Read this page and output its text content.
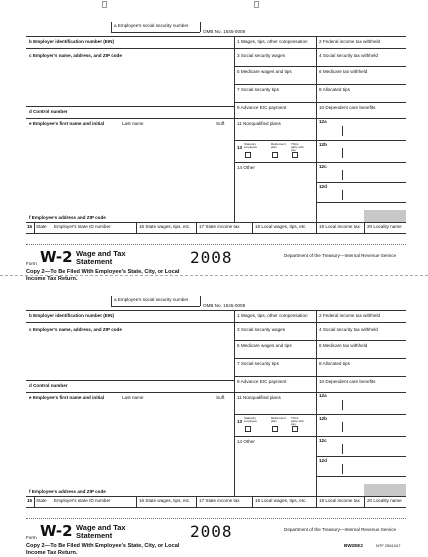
a Employee's social security number
OMB No. 1545-0008
b Employer identification number (EIN)
c Employer's name, address, and ZIP code
d Control number
e Employee's first name and initial	Last name	Suff.
f Employee's address and ZIP code
1 Wages, tips, other compensation 2 Federal income tax withheld
3 Social security wages	4 Social security tax withheld
5 Medicare wages and tips	6 Medicare tax withheld
7 Social security tips	8 Allocated tips
9 Advance EIC payment	10 Dependent care benefits
11 Nonqualified plans	12a
12b
12c
12d
13
Statutory employee
Retirement plan
Third-party sick pay
14 Other
15 State Employer's state ID number	16 State wages, tips, etc. 17 State income tax	18 Local wages, tips, etc.	19 Local income tax 20 Locality name
Form W-2 Wage and Tax
Statement	2008	Department of the Treasury—Internal Revenue Service
Copy 2—To Be Filed With Employee's State, City, or Local
Income Tax Return.
a Employee's social security number
OMB No. 1545-0008
b Employer identification number (EIN)
c Employer's name, address, and ZIP code
d Control number
e Employee's first name and initial	Last name	Suff.
f Employee's address and ZIP code
1 Wages, tips, other compensation 2 Federal income tax withheld
3 Social security wages	4 Social security tax withheld
5 Medicare wages and tips	6 Medicare tax withheld
7 Social security tips	8 Allocated tips
9 Advance EIC payment	10 Dependent care benefits
11 Nonqualified plans	12a
12b
12c
12d
13
Statutory employee
Retirement plan
Third-party sick pay
14 Other
15 State Employer's state ID number	16 State wages, tips, etc. 17 State income tax	18 Local wages, tips, etc.	19 Local income tax 20 Locality name
Form W-2 Wage and Tax
Statement	2008	Department of the Treasury—Internal Revenue Service
Copy 2—To Be Filed With Employee's State, City, or Local
Income Tax Return.
BW2EE2	NTF 2561047
